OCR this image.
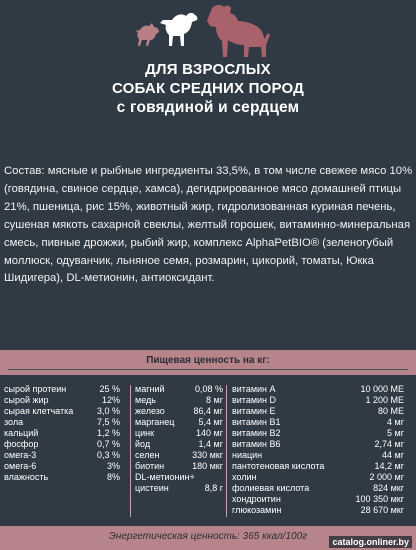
ДЛЯ ВЗРОСЛЫХ
СОБАК СРЕДНИХ ПОРОД
с говядиной и сердцем
Состав: мясные и рыбные ингредиенты 33,5%, в том числе свежее мясо 10% (говядина, свиное сердце, хамса), дегидрированное мясо домашней птицы 21%, пшеница, рис 15%, животный жир, гидролизованная куриная печень, сушеная мякоть сахарной свеклы, желтый горошек, витаминно-минеральная смесь, пивные дрожжи, рыбий жир, комплекс AlphaPetBIO® (зеленогубый моллюск, одуванчик, льняное семя, розмарин, цикорий, томаты, Юкка Шидигера), DL-метионин, антиоксидант.
Пищевая ценность на кг:
сырой протеин	25 %
сырой жир	12%
сырая клетчатка	3,0 %
зола	7,5 %
кальций	1,2 %
фосфор	0,7 %
омега-3	0,3 %
омега-6	3%
влажность	8%
магний	0,08 %
медь	8 мг
железо	86,4 мг
марганец	5,4 мг
цинк	140 мг
йод	1,4 мг
селен	330 мкг
биотин	180 мкг
DL-метионин+
цистеин	8,8 г
витамин А	10 000 МЕ
витамин D	1 200 МЕ
витамин Е	80 МЕ
витамин В1	4 мг
витамин В2	5 мг
витамин В6	2,74 мг
ниацин	44 мг
пантотеновая кислота	14,2 мг
холин	2 000 мг
фолиевая кислота	824 мкг
хондроитин	100 350 мкг
глюкозамин	28 670 мкг
Энергетическая ценность: 365 ккал/100г	catalog.onliner.by
